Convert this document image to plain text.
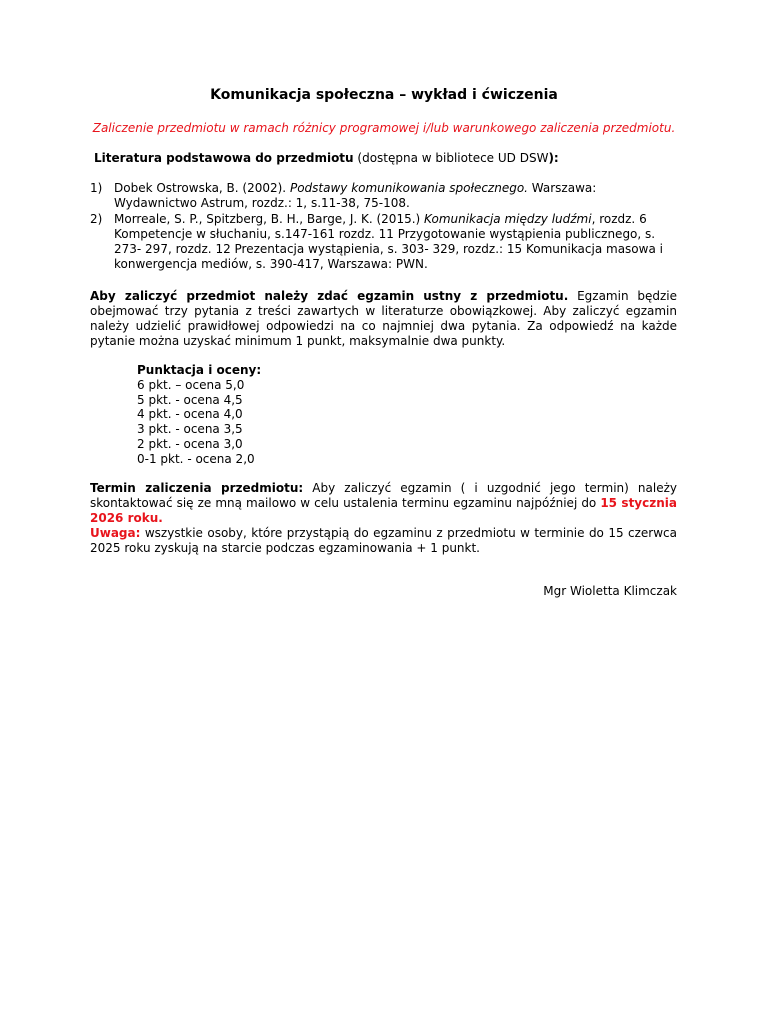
Komunikacja społeczna – wykład i ćwiczenia
Zaliczenie przedmiotu w ramach różnicy programowej i/lub warunkowego zaliczenia przedmiotu.
Literatura podstawowa do przedmiotu (dostępna w bibliotece UD DSW):
1) Dobek Ostrowska, B. (2002). Podstawy komunikowania społecznego. Warszawa: Wydawnictwo Astrum, rozdz.: 1, s.11-38, 75-108.
2) Morreale, S. P., Spitzberg, B. H., Barge, J. K. (2015.) Komunikacja między ludźmi, rozdz. 6 Kompetencje w słuchaniu, s.147-161 rozdz. 11 Przygotowanie wystąpienia publicznego, s. 273- 297, rozdz. 12 Prezentacja wystąpienia, s. 303- 329, rozdz.: 15 Komunikacja masowa i konwergencja mediów, s. 390-417, Warszawa: PWN.
Aby zaliczyć przedmiot należy zdać egzamin ustny z przedmiotu. Egzamin będzie obejmować trzy pytania z treści zawartych w literaturze obowiązkowej. Aby zaliczyć egzamin należy udzielić prawidłowej odpowiedzi na co najmniej dwa pytania. Za odpowiedź na każde pytanie można uzyskać minimum 1 punkt, maksymalnie dwa punkty.
Punktacja i oceny:
6 pkt. – ocena 5,0
5 pkt. - ocena 4,5
4 pkt. - ocena 4,0
3 pkt. - ocena 3,5
2 pkt. - ocena 3,0
0-1 pkt. - ocena 2,0
Termin zaliczenia przedmiotu: Aby zaliczyć egzamin ( i uzgodnić jego termin) należy skontaktować się ze mną mailowo w celu ustalenia terminu egzaminu najpóźniej do 15 stycznia 2026 roku.
Uwaga: wszystkie osoby, które przystąpią do egzaminu z przedmiotu w terminie do 15 czerwca 2025 roku zyskują na starcie podczas egzaminowania + 1 punkt.
Mgr Wioletta Klimczak
